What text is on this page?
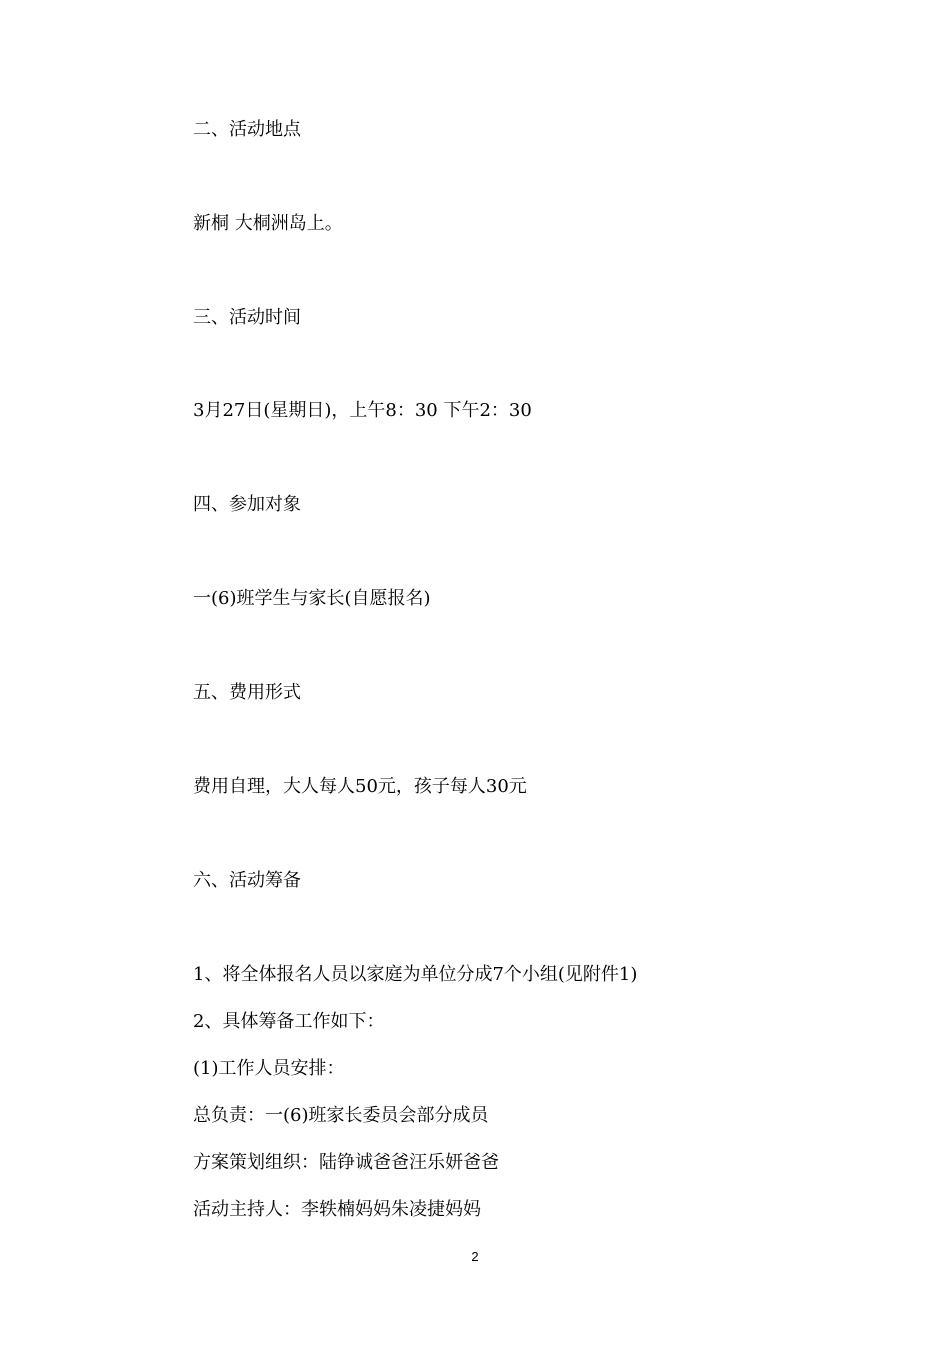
二、活动地点
新桐 大桐洲岛上。
三、活动时间
3月27日(星期日)，上午8：30 下午2：30
四、参加对象
一(6)班学生与家长(自愿报名)
五、费用形式
费用自理，大人每人50元，孩子每人30元
六、活动筹备
1、将全体报名人员以家庭为单位分成7个小组(见附件1)
2、具体筹备工作如下：
(1)工作人员安排：
总负责：一(6)班家长委员会部分成员
方案策划组织：陆铮诚爸爸汪乐妍爸爸
活动主持人：李轶楠妈妈朱凌捷妈妈
2
